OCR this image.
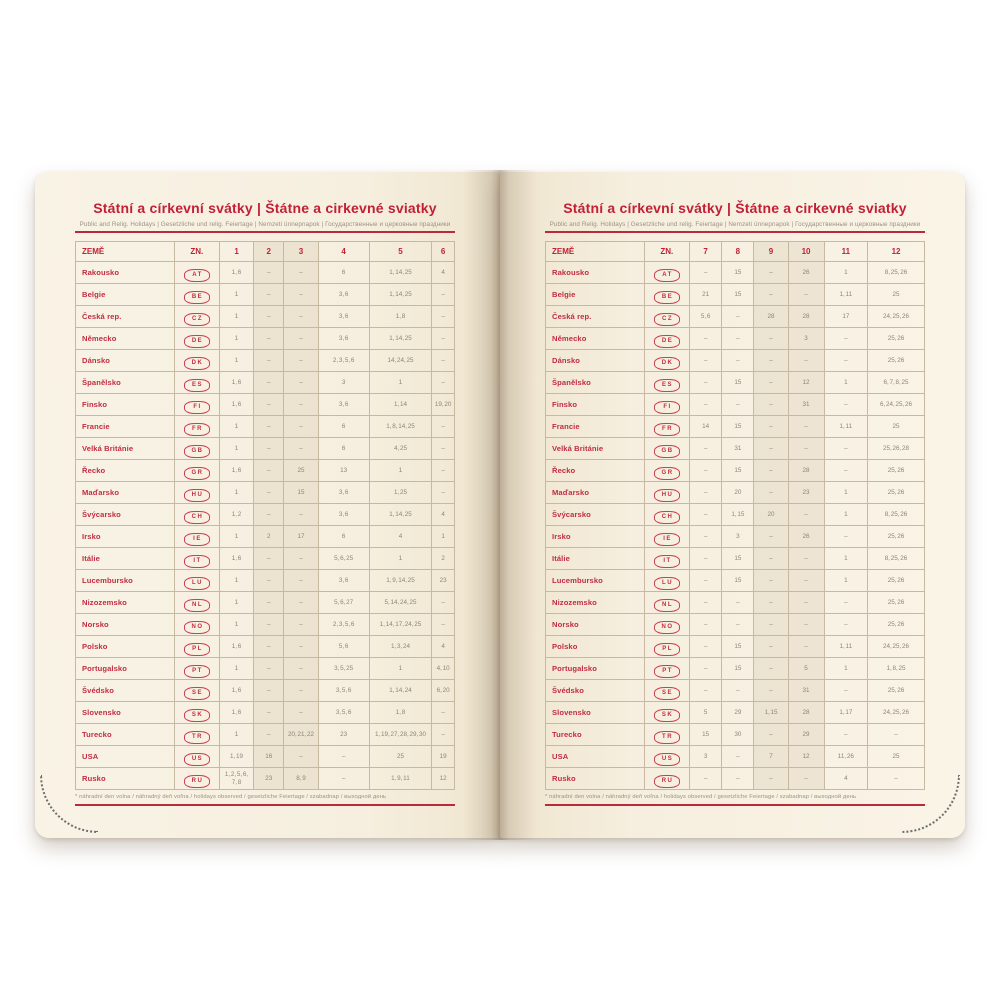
Státní a církevní svátky | Štátne a cirkevné sviatky

Public and Relig. Holidays | Gesetzliche und relig. Feiertage | Nemzeti ünnepnapok | Государственные и церковные праздники

ZEMĚ	ZN.	1	2	3	4	5	6
Rakousko	AT	1, 6	–	–	6	1, 14, 25	4
Belgie	BE	1	–	–	3, 6	1, 14, 25	–
Česká rep.	CZ	1	–	–	3, 6	1, 8	–
Německo	DE	1	–	–	3, 6	1, 14, 25	–
Dánsko	DK	1	–	–	2, 3, 5, 6	14, 24, 25	–
Španělsko	ES	1, 6	–	–	3	1	–
Finsko	FI	1, 6	–	–	3, 6	1, 14	19, 20
Francie	FR	1	–	–	6	1, 8, 14, 25	–
Velká Británie	GB	1	–	–	6	4, 25	–
Řecko	GR	1, 6	–	25	13	1	–
Maďarsko	HU	1	–	15	3, 6	1, 25	–
Švýcarsko	CH	1, 2	–	–	3, 6	1, 14, 25	4
Irsko	IE	1	2	17	6	4	1
Itálie	IT	1, 6	–	–	5, 6, 25	1	2
Lucembursko	LU	1	–	–	3, 6	1, 9, 14, 25	23
Nizozemsko	NL	1	–	–	5, 6, 27	5, 14, 24, 25	–
Norsko	NO	1	–	–	2, 3, 5, 6	1, 14, 17, 24, 25	–
Polsko	PL	1, 6	–	–	5, 6	1, 3, 24	4
Portugalsko	PT	1	–	–	3, 5, 25	1	4, 10
Švédsko	SE	1, 6	–	–	3, 5, 6	1, 14, 24	6, 20
Slovensko	SK	1, 6	–	–	3, 5, 6	1, 8	–
Turecko	TR	1	–	20, 21, 22	23	1, 19, 27, 28, 29, 30	–
USA	US	1, 19	16	–	–	25	19
Rusko	RU	1, 2, 5, 6, 7, 8	23	8, 9	–	1, 9, 11	12

* náhradní den volna / náhradný deň voľna / holidays observed / gesetzliche Feiertage / szabadnap / выходной день

Státní a církevní svátky | Štátne a cirkevné sviatky

Public and Relig. Holidays | Gesetzliche und relig. Feiertage | Nemzeti ünnepnapok | Государственные и церковные праздники

ZEMĚ	ZN.	7	8	9	10	11	12
Rakousko	AT	–	15	–	26	1	8, 25, 26
Belgie	BE	21	15	–	–	1, 11	25
Česká rep.	CZ	5, 6	–	28	28	17	24, 25, 26
Německo	DE	–	–	–	3	–	25, 26
Dánsko	DK	–	–	–	–	–	25, 26
Španělsko	ES	–	15	–	12	1	6, 7, 8, 25
Finsko	FI	–	–	–	31	–	6, 24, 25, 26
Francie	FR	14	15	–	–	1, 11	25
Velká Británie	GB	–	31	–	–	–	25, 26, 28
Řecko	GR	–	15	–	28	–	25, 26
Maďarsko	HU	–	20	–	23	1	25, 26
Švýcarsko	CH	–	1, 15	20	–	1	8, 25, 26
Irsko	IE	–	3	–	26	–	25, 26
Itálie	IT	–	15	–	–	1	8, 25, 26
Lucembursko	LU	–	15	–	–	1	25, 26
Nizozemsko	NL	–	–	–	–	–	25, 26
Norsko	NO	–	–	–	–	–	25, 26
Polsko	PL	–	15	–	–	1, 11	24, 25, 26
Portugalsko	PT	–	15	–	5	1	1, 8, 25
Švédsko	SE	–	–	–	31	–	25, 26
Slovensko	SK	5	29	1, 15	28	1, 17	24, 25, 26
Turecko	TR	15	30	–	29	–	–
USA	US	3	–	7	12	11, 26	25
Rusko	RU	–	–	–	–	4	–

* náhradní den volna / náhradný deň voľna / holidays observed / gesetzliche Feiertage / szabadnap / выходной день
